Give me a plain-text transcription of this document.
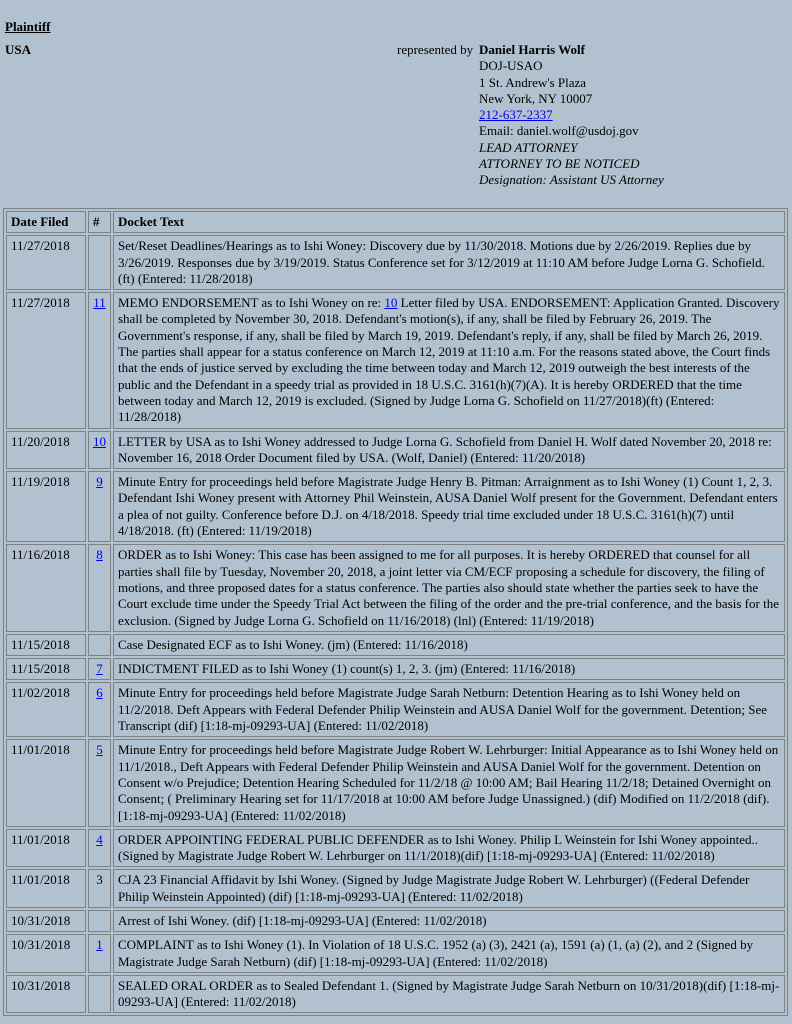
Plaintiff
USA	represented by Daniel Harris Wolf
DOJ-USAO
1 St. Andrew's Plaza
New York, NY 10007
212-637-2337
Email: daniel.wolf@usdoj.gov
LEAD ATTORNEY
ATTORNEY TO BE NOTICED
Designation: Assistant US Attorney
Date Filed	#	Docket Text
11/27/2018		Set/Reset Deadlines/Hearings as to Ishi Woney: Discovery due by 11/30/2018. Motions due by 2/26/2019. Replies due by 3/26/2019. Responses due by 3/19/2019. Status Conference set for 3/12/2019 at 11:10 AM before Judge Lorna G. Schofield. (ft) (Entered: 11/28/2018)
11/27/2018	11	MEMO ENDORSEMENT as to Ishi Woney on re: 10 Letter filed by USA. ENDORSEMENT: Application Granted. Discovery shall be completed by November 30, 2018. Defendant's motion(s), if any, shall be filed by February 26, 2019. The Government's response, if any, shall be filed by March 19, 2019. Defendant's reply, if any, shall be filed by March 26, 2019. The parties shall appear for a status conference on March 12, 2019 at 11:10 a.m. For the reasons stated above, the Court finds that the ends of justice served by excluding the time between today and March 12, 2019 outweigh the best interests of the public and the Defendant in a speedy trial as provided in 18 U.S.C. 3161(h)(7)(A). It is hereby ORDERED that the time between today and March 12, 2019 is excluded. (Signed by Judge Lorna G. Schofield on 11/27/2018)(ft) (Entered: 11/28/2018)
11/20/2018	10	LETTER by USA as to Ishi Woney addressed to Judge Lorna G. Schofield from Daniel H. Wolf dated November 20, 2018 re: November 16, 2018 Order Document filed by USA. (Wolf, Daniel) (Entered: 11/20/2018)
11/19/2018	9	Minute Entry for proceedings held before Magistrate Judge Henry B. Pitman: Arraignment as to Ishi Woney (1) Count 1, 2, 3. Defendant Ishi Woney present with Attorney Phil Weinstein, AUSA Daniel Wolf present for the Government. Defendant enters a plea of not guilty. Conference before D.J. on 4/18/2018. Speedy trial time excluded under 18 U.S.C. 3161(h)(7) until 4/18/2018. (ft) (Entered: 11/19/2018)
11/16/2018	8	ORDER as to Ishi Woney: This case has been assigned to me for all purposes. It is hereby ORDERED that counsel for all parties shall file by Tuesday, November 20, 2018, a joint letter via CM/ECF proposing a schedule for discovery, the filing of motions, and three proposed dates for a status conference. The parties also should state whether the parties seek to have the Court exclude time under the Speedy Trial Act between the filing of the order and the pre-trial conference, and the basis for the exclusion. (Signed by Judge Lorna G. Schofield on 11/16/2018) (lnl) (Entered: 11/19/2018)
11/15/2018		Case Designated ECF as to Ishi Woney. (jm) (Entered: 11/16/2018)
11/15/2018	7	INDICTMENT FILED as to Ishi Woney (1) count(s) 1, 2, 3. (jm) (Entered: 11/16/2018)
11/02/2018	6	Minute Entry for proceedings held before Magistrate Judge Sarah Netburn: Detention Hearing as to Ishi Woney held on 11/2/2018. Deft Appears with Federal Defender Philip Weinstein and AUSA Daniel Wolf for the government. Detention; See Transcript (dif) [1:18-mj-09293-UA] (Entered: 11/02/2018)
11/01/2018	5	Minute Entry for proceedings held before Magistrate Judge Robert W. Lehrburger: Initial Appearance as to Ishi Woney held on 11/1/2018., Deft Appears with Federal Defender Philip Weinstein and AUSA Daniel Wolf for the government. Detention on Consent w/o Prejudice; Detention Hearing Scheduled for 11/2/18 @ 10:00 AM; Bail Hearing 11/2/18; Detained Overnight on Consent; ( Preliminary Hearing set for 11/17/2018 at 10:00 AM before Judge Unassigned.) (dif) Modified on 11/2/2018 (dif). [1:18-mj-09293-UA] (Entered: 11/02/2018)
11/01/2018	4	ORDER APPOINTING FEDERAL PUBLIC DEFENDER as to Ishi Woney. Philip L Weinstein for Ishi Woney appointed.. (Signed by Magistrate Judge Robert W. Lehrburger on 11/1/2018)(dif) [1:18-mj-09293-UA] (Entered: 11/02/2018)
11/01/2018	3	CJA 23 Financial Affidavit by Ishi Woney. (Signed by Judge Magistrate Judge Robert W. Lehrburger) ((Federal Defender Philip Weinstein Appointed) (dif) [1:18-mj-09293-UA] (Entered: 11/02/2018)
10/31/2018		Arrest of Ishi Woney. (dif) [1:18-mj-09293-UA] (Entered: 11/02/2018)
10/31/2018	1	COMPLAINT as to Ishi Woney (1). In Violation of 18 U.S.C. 1952 (a) (3), 2421 (a), 1591 (a) (1, (a) (2), and 2 (Signed by Magistrate Judge Sarah Netburn) (dif) [1:18-mj-09293-UA] (Entered: 11/02/2018)
10/31/2018		SEALED ORAL ORDER as to Sealed Defendant 1. (Signed by Magistrate Judge Sarah Netburn on 10/31/2018)(dif) [1:18-mj-09293-UA] (Entered: 11/02/2018)
